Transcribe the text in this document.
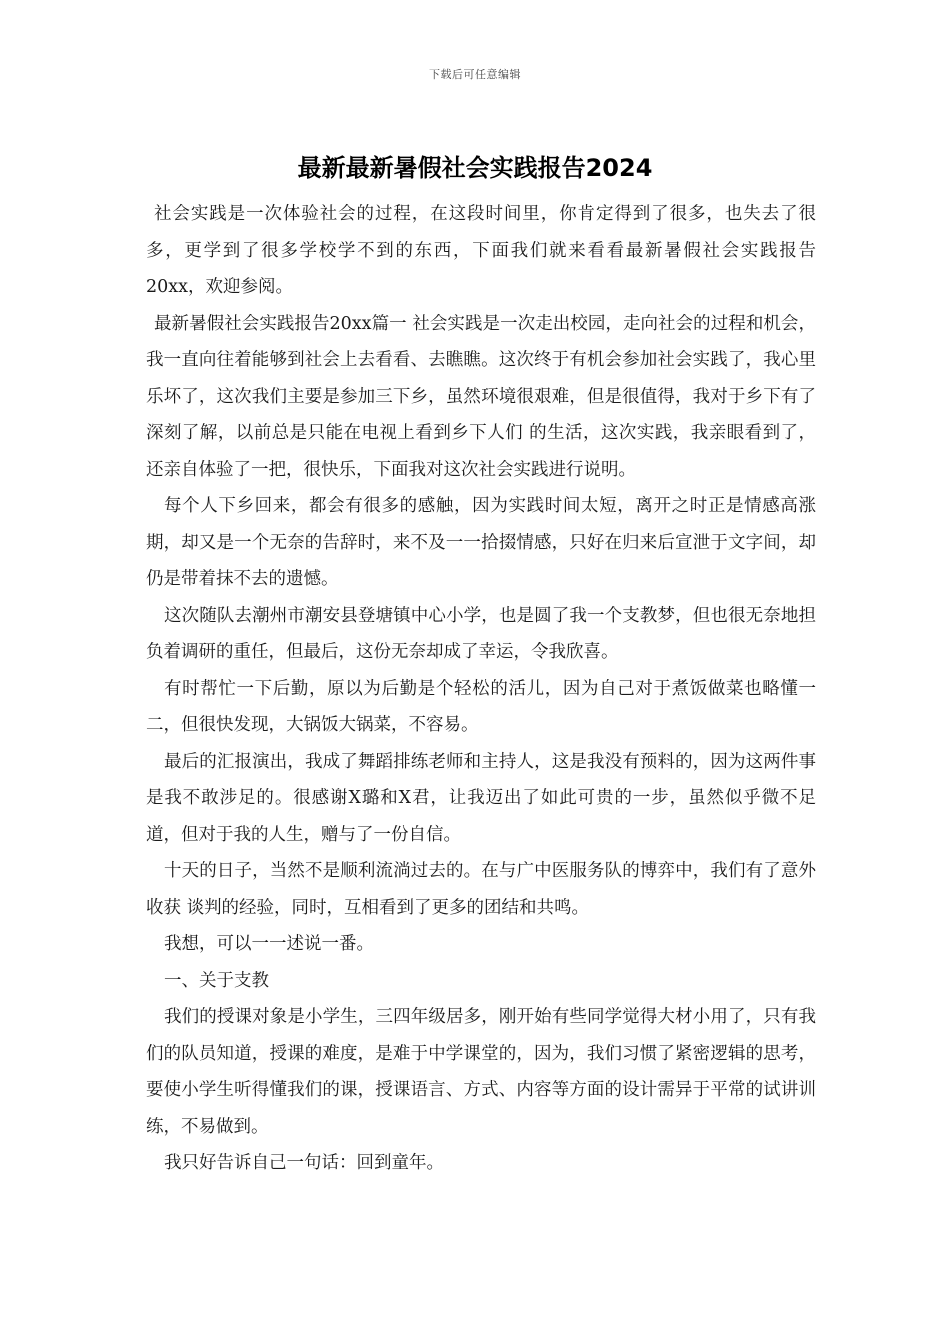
下载后可任意编辑
最新最新暑假社会实践报告2024

社会实践是一次体验社会的过程，在这段时间里，你肯定得到了很多，也失去了很多，更学到了很多学校学不到的东西，下面我们就来看看最新暑假社会实践报告20xx，欢迎参阅。

最新暑假社会实践报告20xx篇一 社会实践是一次走出校园，走向社会的过程和机会，我一直向往着能够到社会上去看看、去瞧瞧。这次终于有机会参加社会实践了，我心里乐坏了，这次我们主要是参加三下乡，虽然环境很艰难，但是很值得，我对于乡下有了深刻了解，以前总是只能在电视上看到乡下人们 的生活，这次实践，我亲眼看到了，还亲自体验了一把，很快乐，下面我对这次社会实践进行说明。

每个人下乡回来，都会有很多的感触，因为实践时间太短，离开之时正是情感高涨期，却又是一个无奈的告辞时，来不及一一拾掇情感，只好在归来后宣泄于文字间，却仍是带着抹不去的遗憾。

这次随队去潮州市潮安县登塘镇中心小学，也是圆了我一个支教梦，但也很无奈地担负着调研的重任，但最后，这份无奈却成了幸运，令我欣喜。

有时帮忙一下后勤，原以为后勤是个轻松的活儿，因为自己对于煮饭做菜也略懂一二，但很快发现，大锅饭大锅菜，不容易。

最后的汇报演出，我成了舞蹈排练老师和主持人，这是我没有预料的，因为这两件事是我不敢涉足的。很感谢X璐和X君，让我迈出了如此可贵的一步，虽然似乎微不足道，但对于我的人生，赠与了一份自信。

十天的日子，当然不是顺利流淌过去的。在与广中医服务队的博弈中，我们有了意外收获 谈判的经验，同时，互相看到了更多的团结和共鸣。

我想，可以一一述说一番。

一、关于支教

我们的授课对象是小学生，三四年级居多，刚开始有些同学觉得大材小用了，只有我们的队员知道，授课的难度，是难于中学课堂的，因为，我们习惯了紧密逻辑的思考，要使小学生听得懂我们的课，授课语言、方式、内容等方面的设计需异于平常的试讲训练，不易做到。

我只好告诉自己一句话：回到童年。
